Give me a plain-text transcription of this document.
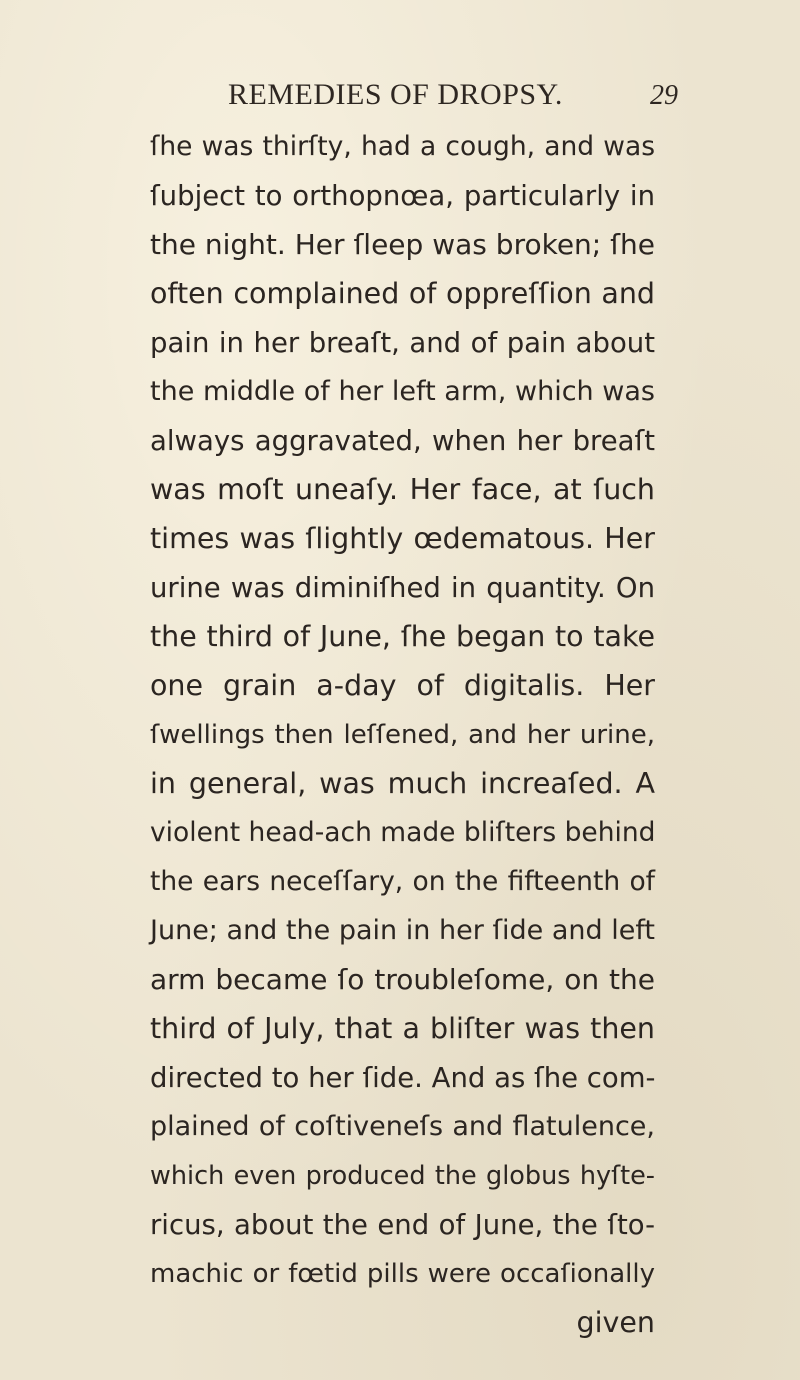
REMEDIES OF DROPSY.	29
ſhe was thirſty, had a cough, and was
ſubject to orthopnœa, particularly in
the night. Her ſleep was broken; ſhe
often complained of oppreſſion and
pain in her breaſt, and of pain about
the middle of her left arm, which was
always aggravated, when her breaſt
was moſt uneaſy. Her face, at ſuch
times was ſlightly œdematous. Her
urine was diminiſhed in quantity. On
the third of June, ſhe began to take
one grain a-day of digitalis. Her
ſwellings then leſſened, and her urine,
in general, was much increaſed. A
violent head-ach made bliſters behind
the ears neceſſary, on the fifteenth of
June; and the pain in her ſide and left
arm became ſo troubleſome, on the
third of July, that a bliſter was then
directed to her ſide. And as ſhe com-
plained of coſtiveneſs and flatulence,
which even produced the globus hyſte-
ricus, about the end of June, the ſto-
machic or fœtid pills were occaſionally
given
